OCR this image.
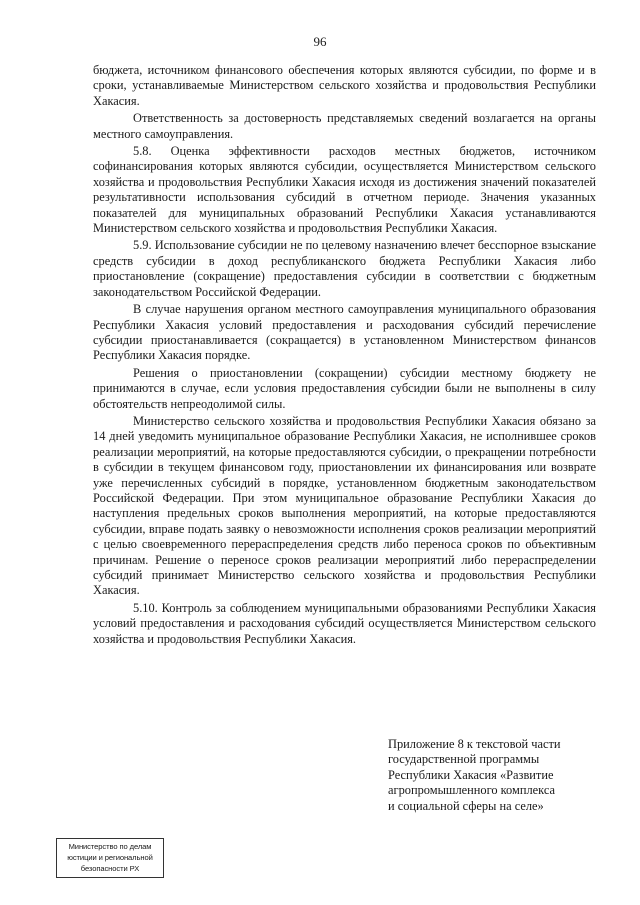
96

бюджета, источником финансового обеспечения которых являются субсидии, по форме и в сроки, устанавливаемые Министерством сельского хозяйства и продовольствия Республики Хакасия.

Ответственность за достоверность представляемых сведений возлагается на органы местного самоуправления.

5.8. Оценка эффективности расходов местных бюджетов, источником софинансирования которых являются субсидии, осуществляется Министерством сельского хозяйства и продовольствия Республики Хакасия исходя из достижения значений показателей результативности использования субсидий в отчетном периоде. Значения указанных показателей для муниципальных образований Республики Хакасия устанавливаются Министерством сельского хозяйства и продовольствия Республики Хакасия.

5.9. Использование субсидии не по целевому назначению влечет бесспорное взыскание средств субсидии в доход республиканского бюджета Республики Хакасия либо приостановление (сокращение) предоставления субсидии в соответствии с бюджетным законодательством Российской Федерации.

В случае нарушения органом местного самоуправления муниципального образования Республики Хакасия условий предоставления и расходования субсидий перечисление субсидии приостанавливается (сокращается) в установленном Министерством финансов Республики Хакасия порядке.

Решения о приостановлении (сокращении) субсидии местному бюджету не принимаются в случае, если условия предоставления субсидии были не выполнены в силу обстоятельств непреодолимой силы.

Министерство сельского хозяйства и продовольствия Республики Хакасия обязано за 14 дней уведомить муниципальное образование Республики Хакасия, не исполнившее сроков реализации мероприятий, на которые предоставляются субсидии, о прекращении потребности в субсидии в текущем финансовом году, приостановлении их финансирования или возврате уже перечисленных субсидий в порядке, установленном бюджетным законодательством Российской Федерации. При этом муниципальное образование Республики Хакасия до наступления предельных сроков выполнения мероприятий, на которые предоставляются субсидии, вправе подать заявку о невозможности исполнения сроков реализации мероприятий с целью своевременного перераспределения средств либо переноса сроков по объективным причинам. Решение о переносе сроков реализации мероприятий либо перераспределении субсидий принимает Министерство сельского хозяйства и продовольствия Республики Хакасия.

5.10. Контроль за соблюдением муниципальными образованиями Республики Хакасия условий предоставления и расходования субсидий осуществляется Министерством сельского хозяйства и продовольствия Республики Хакасия.

Приложение 8 к текстовой части
государственной программы
Республики Хакасия «Развитие
агропромышленного комплекса
и социальной сферы на селе»
Министерство по делам
юстиции и региональной
безопасности РХ
